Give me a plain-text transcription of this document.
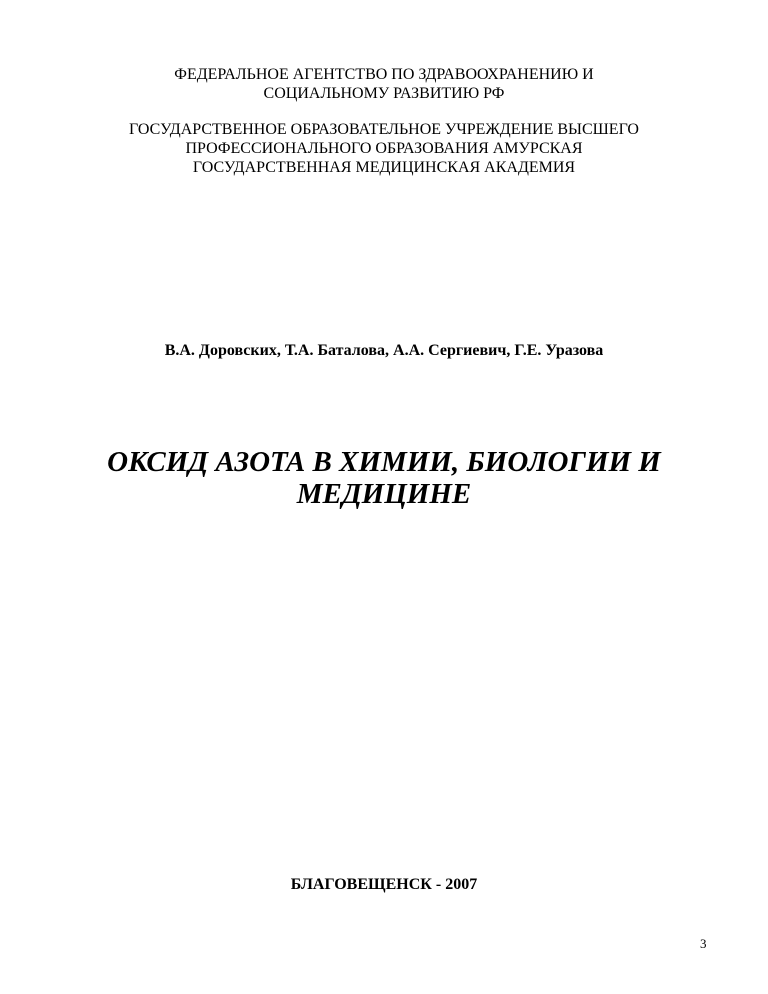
ФЕДЕРАЛЬНОЕ АГЕНТСТВО ПО ЗДРАВООХРАНЕНИЮ И
СОЦИАЛЬНОМУ РАЗВИТИЮ РФ
ГОСУДАРСТВЕННОЕ ОБРАЗОВАТЕЛЬНОЕ УЧРЕЖДЕНИЕ ВЫСШЕГО
ПРОФЕССИОНАЛЬНОГО ОБРАЗОВАНИЯ АМУРСКАЯ
ГОСУДАРСТВЕННАЯ МЕДИЦИНСКАЯ АКАДЕМИЯ
В.А. Доровских, Т.А. Баталова, А.А. Сергиевич, Г.Е. Уразова
ОКСИД АЗОТА В ХИМИИ, БИОЛОГИИ И
МЕДИЦИНЕ
БЛАГОВЕЩЕНСК - 2007
3
